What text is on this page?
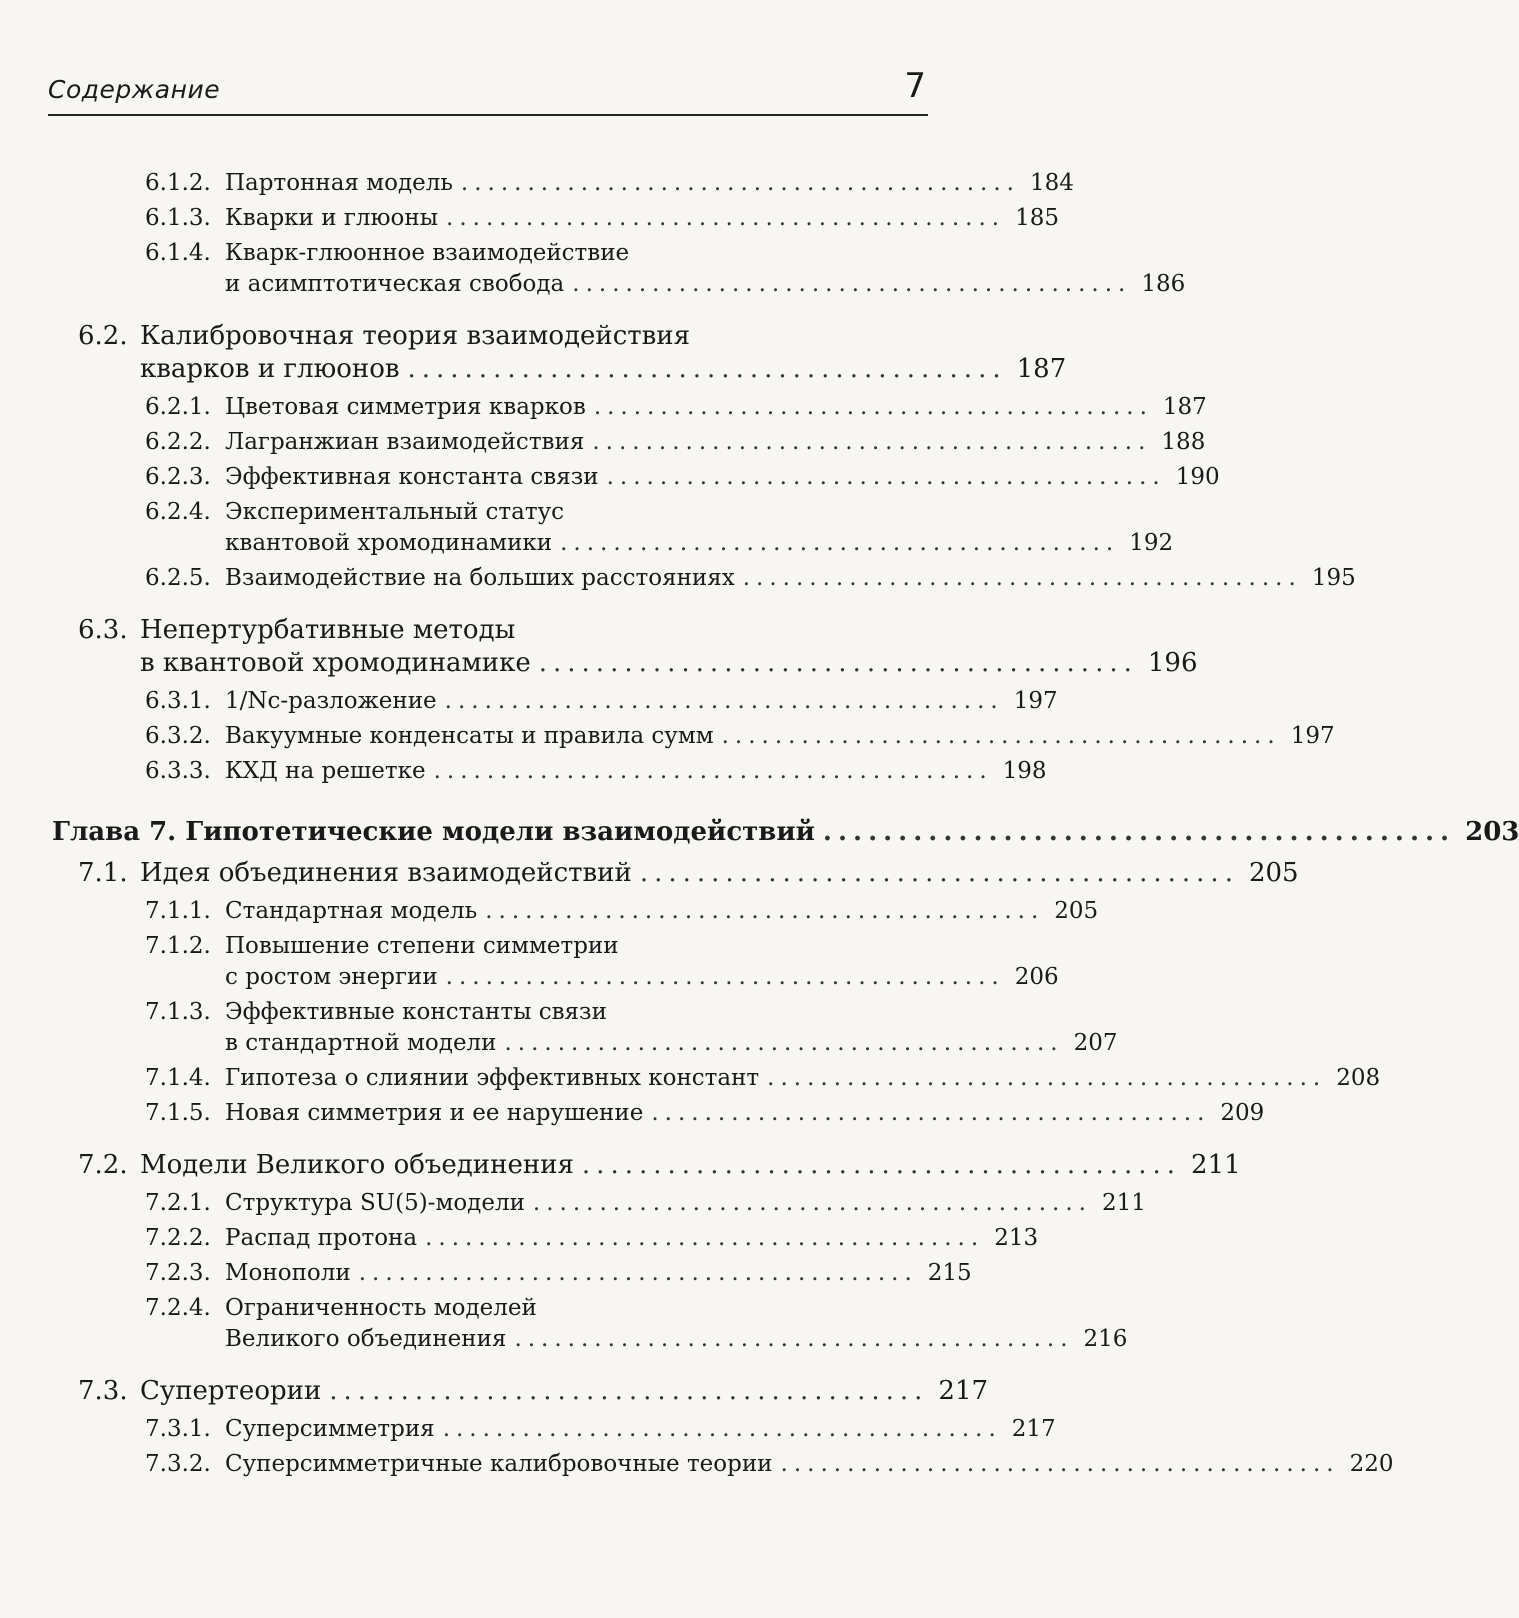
Содержание	7
6.1.2. Партонная модель .......................................... 184
6.1.3. Кварки и глюоны .......................................... 185
6.1.4. Кварк-глюонное взаимодействие
и асимптотическая свобода .......................................... 186
6.2. Калибровочная теория взаимодействия
кварков и глюонов .......................................... 187
6.2.1. Цветовая симметрия кварков .......................................... 187
6.2.2. Лагранжиан взаимодействия .......................................... 188
6.2.3. Эффективная константа связи .......................................... 190
6.2.4. Экспериментальный статус
квантовой хромодинамики .......................................... 192
6.2.5. Взаимодействие на больших расстояниях .......................................... 195
6.3. Непертурбативные методы
в квантовой хромодинамике .......................................... 196
6.3.1. 1/Nc-разложение .......................................... 197
6.3.2. Вакуумные конденсаты и правила сумм .......................................... 197
6.3.3. КХД на решетке .......................................... 198
Глава 7. Гипотетические модели взаимодействий .......................................... 203
7.1. Идея объединения взаимодействий .......................................... 205
7.1.1. Стандартная модель .......................................... 205
7.1.2. Повышение степени симметрии
с ростом энергии .......................................... 206
7.1.3. Эффективные константы связи
в стандартной модели .......................................... 207
7.1.4. Гипотеза о слиянии эффективных констант .......................................... 208
7.1.5. Новая симметрия и ее нарушение .......................................... 209
7.2. Модели Великого объединения .......................................... 211
7.2.1. Структура SU(5)-модели .......................................... 211
7.2.2. Распад протона .......................................... 213
7.2.3. Монополи .......................................... 215
7.2.4. Ограниченность моделей
Великого объединения .......................................... 216
7.3. Супертеории .......................................... 217
7.3.1. Суперсимметрия .......................................... 217
7.3.2. Суперсимметричные калибровочные теории .......................................... 220
